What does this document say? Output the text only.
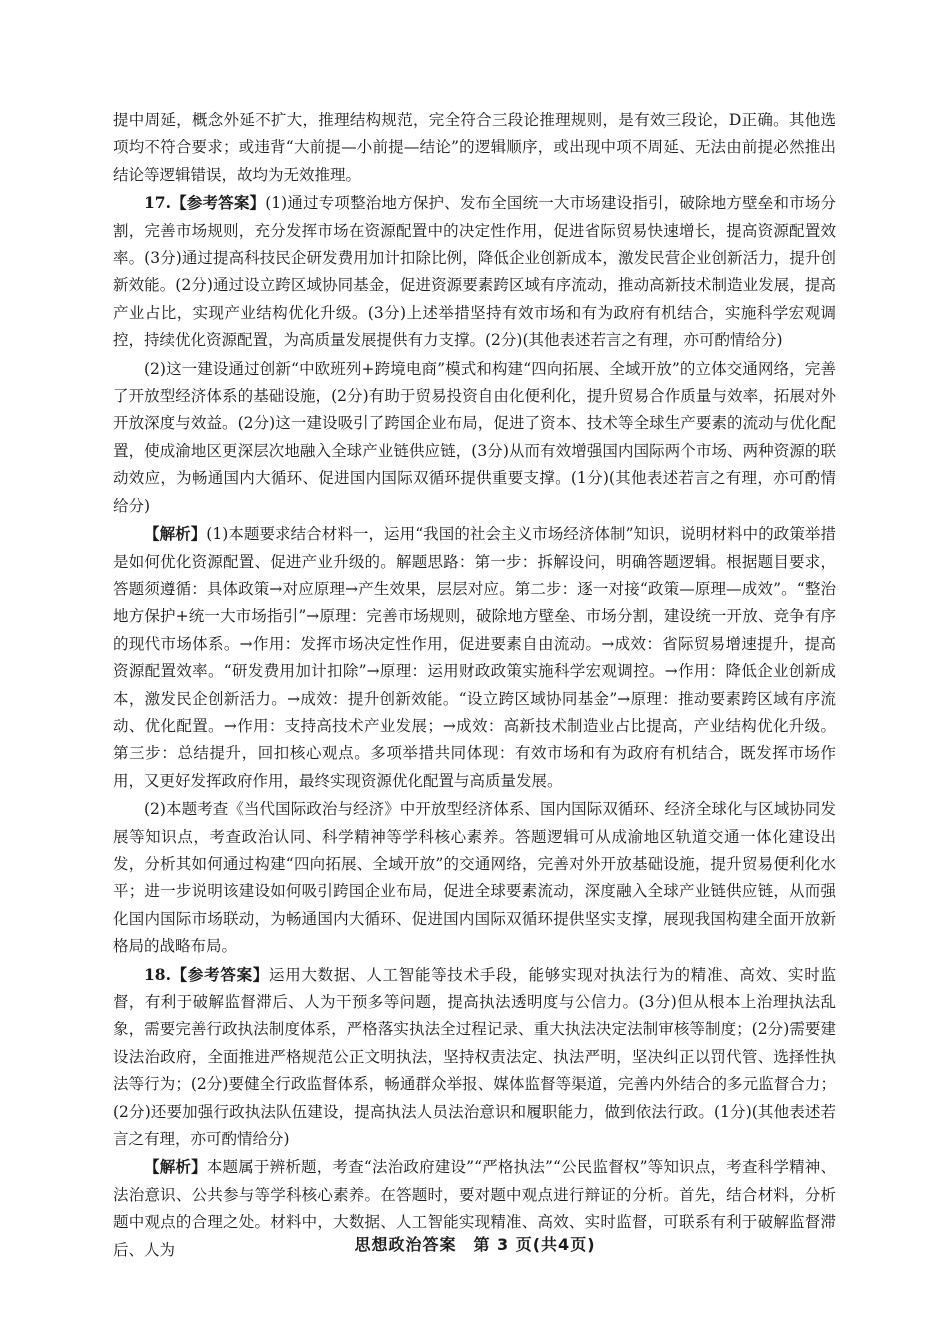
提中周延，概念外延不扩大，推理结构规范，完全符合三段论推理规则，是有效三段论，D正确。其他选项均不符合要求；或违背“大前提—小前提—结论”的逻辑顺序，或出现中项不周延、无法由前提必然推出结论等逻辑错误，故均为无效推理。

17.【参考答案】(1)通过专项整治地方保护、发布全国统一大市场建设指引，破除地方壁垒和市场分割，完善市场规则，充分发挥市场在资源配置中的决定性作用，促进省际贸易快速增长，提高资源配置效率。(3分)通过提高科技民企研发费用加计扣除比例，降低企业创新成本，激发民营企业创新活力，提升创新效能。(2分)通过设立跨区域协同基金，促进资源要素跨区域有序流动，推动高新技术制造业发展，提高产业占比，实现产业结构优化升级。(3分)上述举措坚持有效市场和有为政府有机结合，实施科学宏观调控，持续优化资源配置，为高质量发展提供有力支撑。(2分)(其他表述若言之有理，亦可酌情给分)

(2)这一建设通过创新“中欧班列+跨境电商”模式和构建“四向拓展、全域开放”的立体交通网络，完善了开放型经济体系的基础设施，(2分)有助于贸易投资自由化便利化，提升贸易合作质量与效率，拓展对外开放深度与效益。(2分)这一建设吸引了跨国企业布局，促进了资本、技术等全球生产要素的流动与优化配置，使成渝地区更深层次地融入全球产业链供应链，(3分)从而有效增强国内国际两个市场、两种资源的联动效应，为畅通国内大循环、促进国内国际双循环提供重要支撑。(1分)(其他表述若言之有理，亦可酌情给分)

【解析】(1)本题要求结合材料一，运用“我国的社会主义市场经济体制”知识，说明材料中的政策举措是如何优化资源配置、促进产业升级的。解题思路：第一步：拆解设问，明确答题逻辑。根据题目要求，答题须遵循：具体政策→对应原理→产生效果，层层对应。第二步：逐一对接“政策—原理—成效”。“整治地方保护+统一大市场指引”→原理：完善市场规则，破除地方壁垒、市场分割，建设统一开放、竞争有序的现代市场体系。→作用：发挥市场决定性作用，促进要素自由流动。→成效：省际贸易增速提升，提高资源配置效率。“研发费用加计扣除”→原理：运用财政政策实施科学宏观调控。→作用：降低企业创新成本，激发民企创新活力。→成效：提升创新效能。“设立跨区域协同基金”→原理：推动要素跨区域有序流动、优化配置。→作用：支持高技术产业发展；→成效：高新技术制造业占比提高，产业结构优化升级。第三步：总结提升，回扣核心观点。多项举措共同体现：有效市场和有为政府有机结合，既发挥市场作用，又更好发挥政府作用，最终实现资源优化配置与高质量发展。

(2)本题考查《当代国际政治与经济》中开放型经济体系、国内国际双循环、经济全球化与区域协同发展等知识点，考查政治认同、科学精神等学科核心素养。答题逻辑可从成渝地区轨道交通一体化建设出发，分析其如何通过构建“四向拓展、全域开放”的交通网络，完善对外开放基础设施，提升贸易便利化水平；进一步说明该建设如何吸引跨国企业布局，促进全球要素流动，深度融入全球产业链供应链，从而强化国内国际市场联动，为畅通国内大循环、促进国内国际双循环提供坚实支撑，展现我国构建全面开放新格局的战略布局。

18.【参考答案】运用大数据、人工智能等技术手段，能够实现对执法行为的精准、高效、实时监督，有利于破解监督滞后、人为干预多等问题，提高执法透明度与公信力。(3分)但从根本上治理执法乱象，需要完善行政执法制度体系，严格落实执法全过程记录、重大执法决定法制审核等制度；(2分)需要建设法治政府，全面推进严格规范公正文明执法，坚持权责法定、执法严明，坚决纠正以罚代管、选择性执法等行为；(2分)要健全行政监督体系，畅通群众举报、媒体监督等渠道，完善内外结合的多元监督合力；(2分)还要加强行政执法队伍建设，提高执法人员法治意识和履职能力，做到依法行政。(1分)(其他表述若言之有理，亦可酌情给分)

【解析】本题属于辨析题，考查“法治政府建设”“严格执法”“公民监督权”等知识点，考查科学精神、法治意识、公共参与等学科核心素养。在答题时，要对题中观点进行辩证的分析。首先，结合材料，分析题中观点的合理之处。材料中，大数据、人工智能实现精准、高效、实时监督，可联系有利于破解监督滞后、人为	思想政治答案　第 3 页(共4页)
